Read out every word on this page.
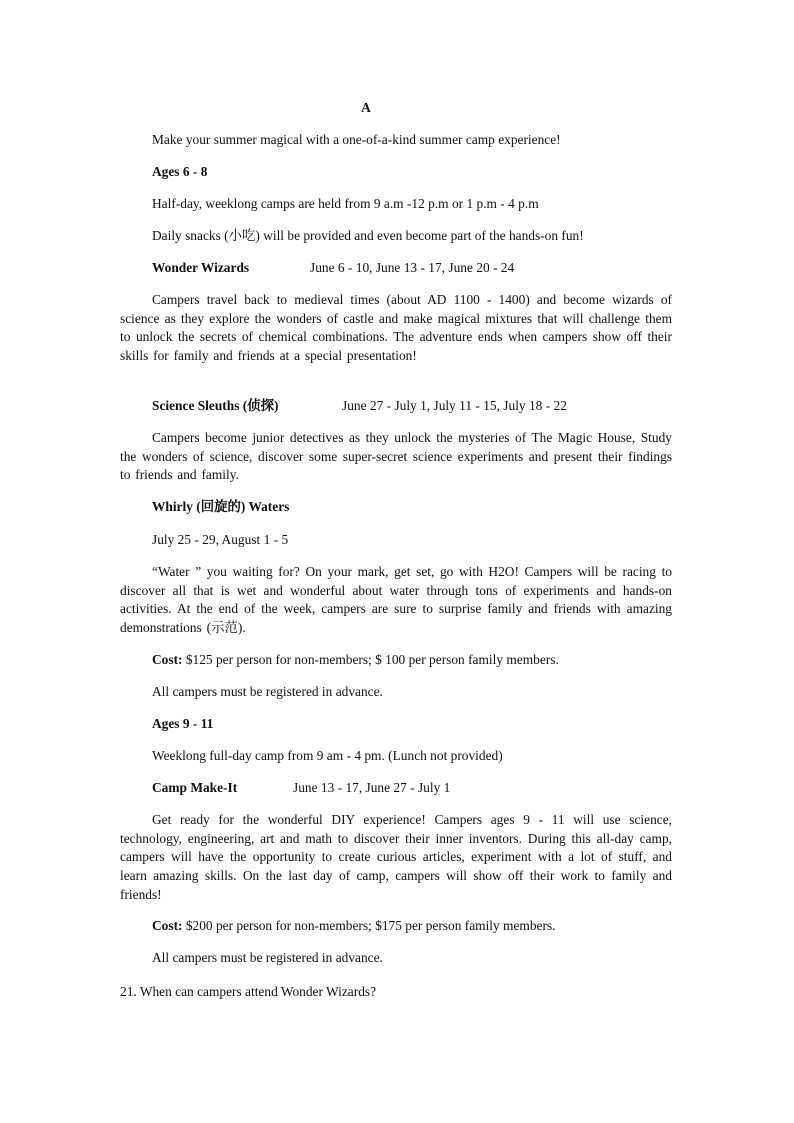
A
Make your summer magical with a one-of-a-kind summer camp experience!
Ages 6 - 8
Half-day, weeklong camps are held from 9 a.m -12 p.m or 1 p.m - 4 p.m
Daily snacks (小吃) will be provided and even become part of the hands-on fun!
Wonder Wizards	June 6 - 10, June 13 - 17, June 20 - 24
Campers travel back to medieval times (about AD 1100 - 1400) and become wizards of science as they explore the wonders of castle and make magical mixtures that will challenge them to unlock the secrets of chemical combinations. The adventure ends when campers show off their skills for family and friends at a special presentation!
Science Sleuths (侦探)	June 27 - July 1, July 11 - 15, July 18 - 22
Campers become junior detectives as they unlock the mysteries of The Magic House, Study the wonders of science, discover some super-secret science experiments and present their findings to friends and family.
Whirly (回旋的) Waters
July 25 - 29, August 1 - 5
“Water ” you waiting for? On your mark, get set, go with H2O! Campers will be racing to discover all that is wet and wonderful about water through tons of experiments and hands-on activities. At the end of the week, campers are sure to surprise family and friends with amazing demonstrations (示范).
Cost: $125 per person for non-members; $ 100 per person family members.
All campers must be registered in advance.
Ages 9 - 11
Weeklong full-day camp from 9 am - 4 pm. (Lunch not provided)
Camp Make-It	June 13 - 17, June 27 - July 1
Get ready for the wonderful DIY experience! Campers ages 9 - 11 will use science, technology, engineering, art and math to discover their inner inventors. During this all-day camp, campers will have the opportunity to create curious articles, experiment with a lot of stuff, and learn amazing skills. On the last day of camp, campers will show off their work to family and friends!
Cost: $200 per person for non-members; $175 per person family members.
All campers must be registered in advance.
21. When can campers attend Wonder Wizards?
